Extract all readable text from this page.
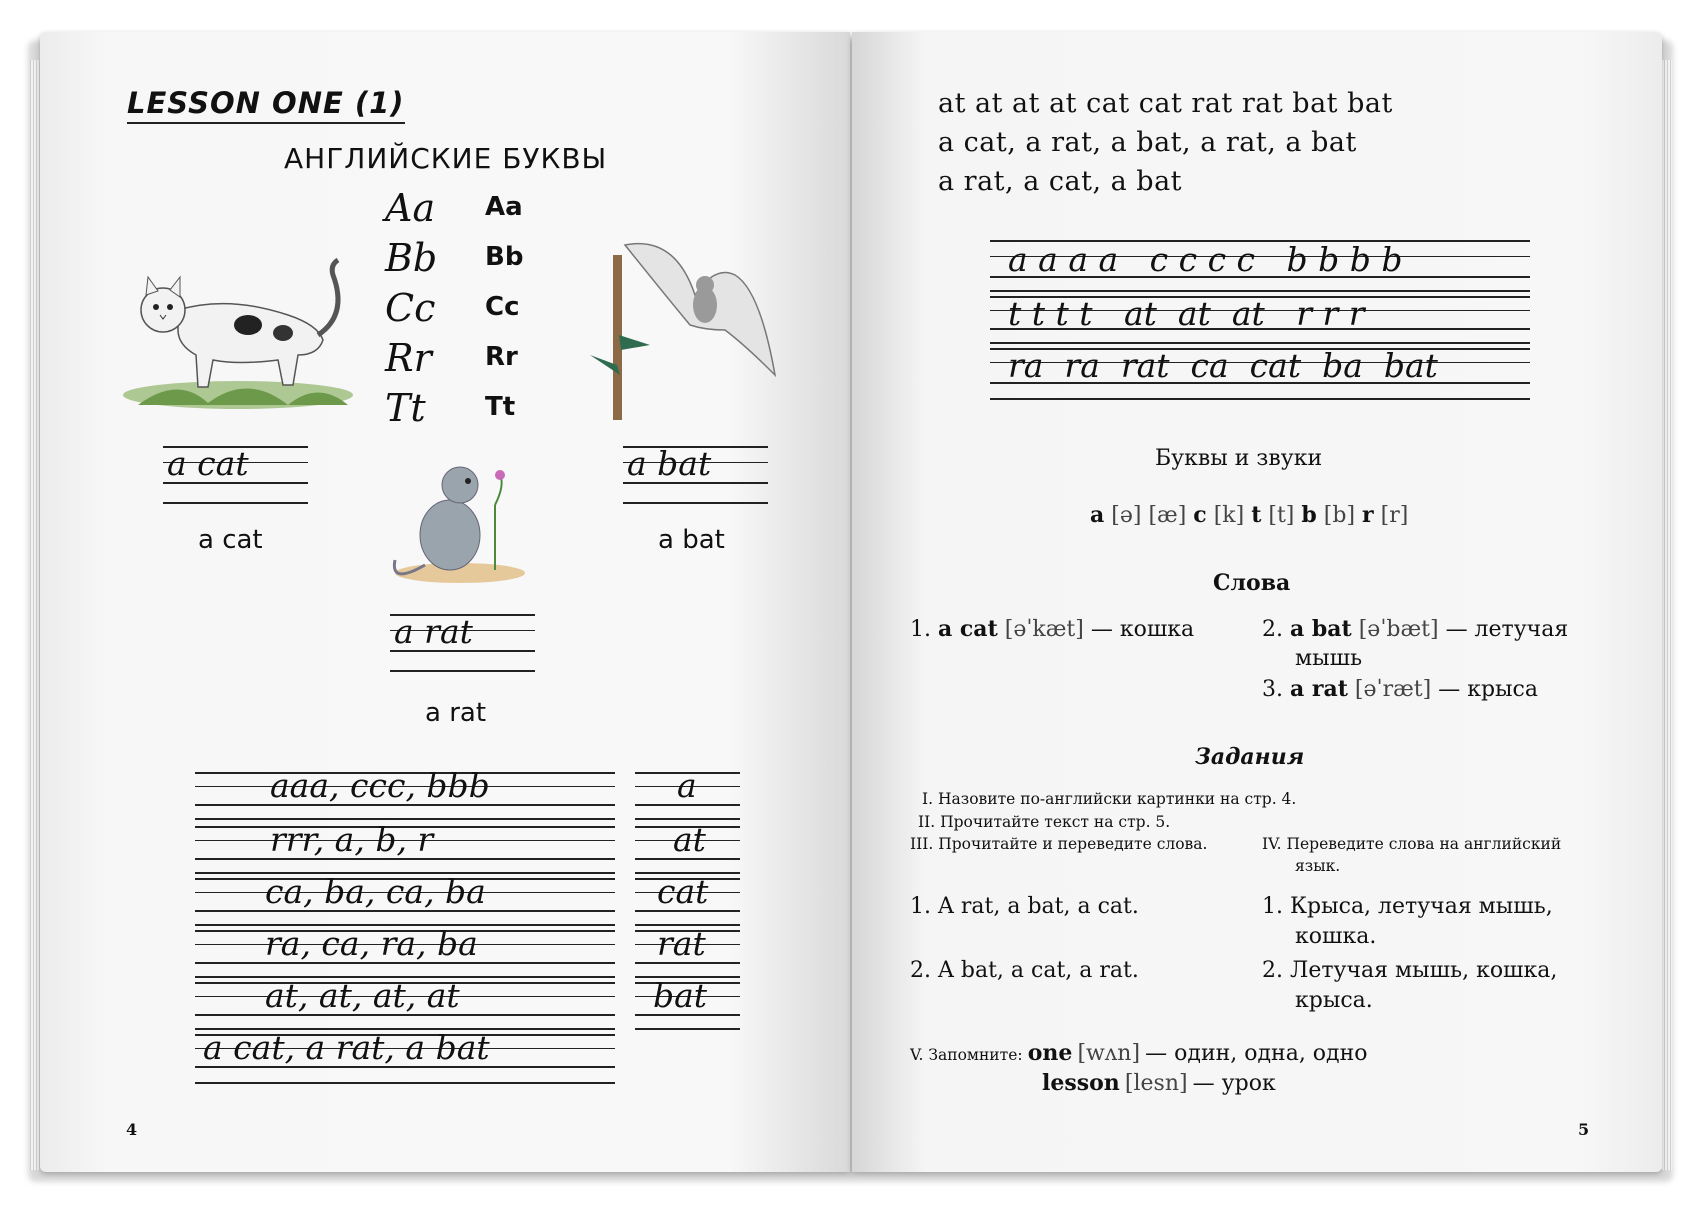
LESSON ONE (1)
АНГЛИЙСКИЕ БУКВЫ
Aa Aa
Bb Bb
Cc Cc
Rr Rr
Tt Tt
a cat
a cat
a bat
a bat
a rat
a rat
aaa, ccc, bbb
rrr, a, b, r
ca, ba, ca, ba
ra, ca, ra, ba
at, at, at, at
a cat, a rat, a bat
a
at
cat
rat
bat
4
at at at at cat cat rat rat bat bat
a cat, a rat, a bat, a rat, a bat
a rat, a cat, a bat
a a a a   c c c c   b b b b
t t t t   at  at  at   r r r
ra  ra  rat  ca  cat  ba  bat
Буквы и звуки
a [ə] [æ] c [k] t [t] b [b] r [r]
Слова
1. a cat [əˈkæt] — кошка	2. a bat [əˈbæt] — летучая
мышь
3. a rat [əˈræt] — крыса
Задания
I. Назовите по-английски картинки на стр. 4.
II. Прочитайте текст на стр. 5.
III. Прочитайте и переведите слова.	IV. Переведите слова на английский
язык.
1. A rat, a bat, a cat.
2. A bat, a cat, a rat.
1. Крыса, летучая мышь,
кошка.
2. Летучая мышь, кошка,
крыса.
V. Запомните: one [wʌn] — один, одна, одно
lesson [lesn] — урок
5
